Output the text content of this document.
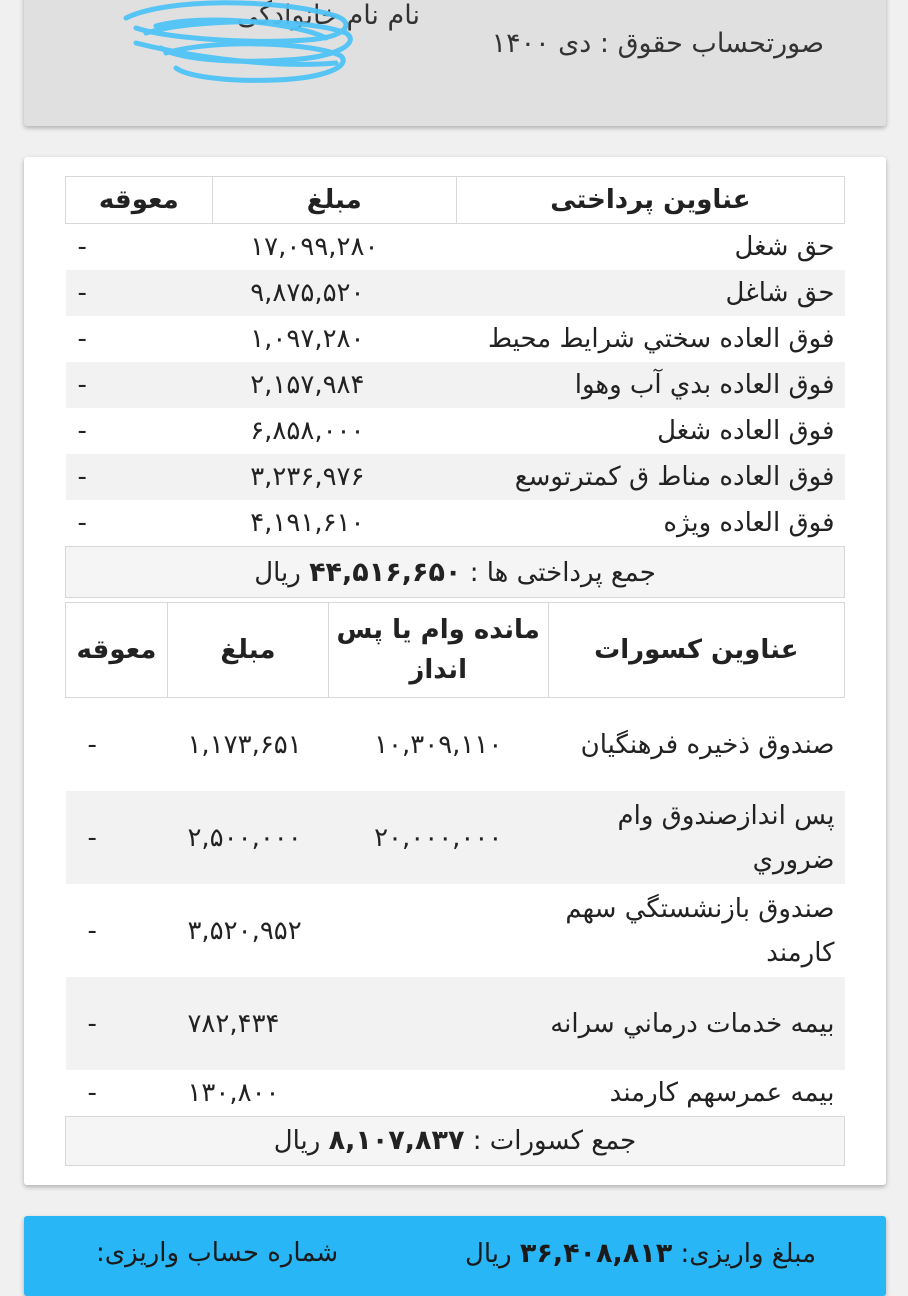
صورتحساب حقوق : دی ۱۴۰۰
نام نام خانوادگی
عناوین پرداختی	مبلغ	معوقه
حق شغل	۱۷,۰۹۹,۲۸۰	-
حق شاغل	۹,۸۷۵,۵۲۰	-
فوق العاده سختي شرايط محيط	۱,۰۹۷,۲۸۰	-
فوق العاده بدي آب وهوا	۲,۱۵۷,۹۸۴	-
فوق العاده شغل	۶,۸۵۸,۰۰۰	-
فوق العاده مناط ق كمترتوسع	۳,۲۳۶,۹۷۶	-
فوق العاده ويژه	۴,۱۹۱,۶۱۰	-
جمع پرداختی ها : ۴۴,۵۱۶,۶۵۰ ریال		
عناوین کسورات	مانده وام یا پس انداز	مبلغ	معوقه
صندوق ذخيره فرهنگيان	۱۰,۳۰۹,۱۱۰	۱,۱۷۳,۶۵۱	-
پس اندازصندوق وام ضروري	۲۰,۰۰۰,۰۰۰	۲,۵۰۰,۰۰۰	-
صندوق بازنشستگي سهم كارمند		۳,۵۲۰,۹۵۲	-
بيمه خدمات درماني سرانه		۷۸۲,۴۳۴	-
بيمه عمرسهم كارمند		۱۳۰,۸۰۰	-
جمع کسورات : ۸,۱۰۷,۸۳۷ ریال			
مبلغ واریزی: ۳۶,۴۰۸,۸۱۳ ریال
شماره حساب واریزی:
